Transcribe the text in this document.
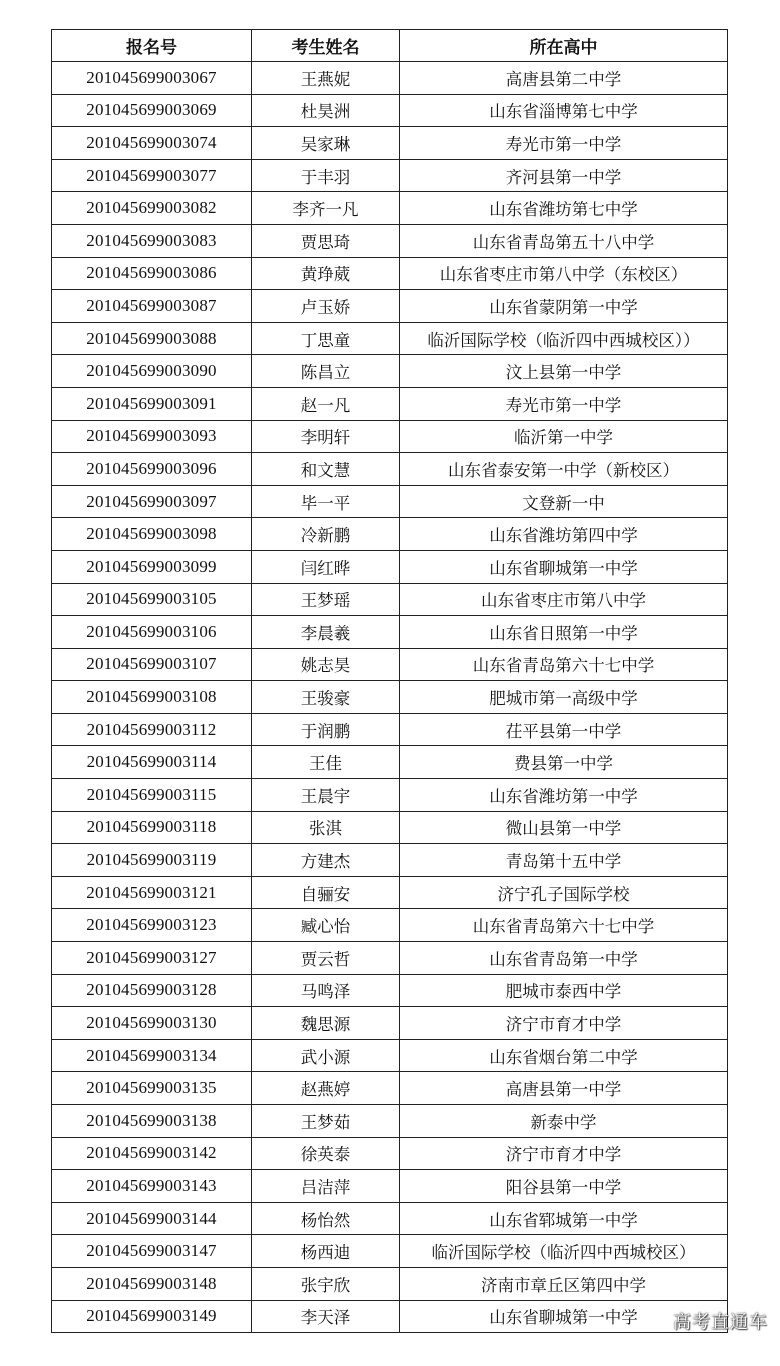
报名号	考生姓名	所在高中
201045699003067	王燕妮	高唐县第二中学
201045699003069	杜昊洲	山东省淄博第七中学
201045699003074	吴家琳	寿光市第一中学
201045699003077	于丰羽	齐河县第一中学
201045699003082	李齐一凡	山东省潍坊第七中学
201045699003083	贾思琦	山东省青岛第五十八中学
201045699003086	黄琤葳	山东省枣庄市第八中学（东校区）
201045699003087	卢玉娇	山东省蒙阴第一中学
201045699003088	丁思童	临沂国际学校（临沂四中西城校区））
201045699003090	陈昌立	汶上县第一中学
201045699003091	赵一凡	寿光市第一中学
201045699003093	李明轩	临沂第一中学
201045699003096	和文慧	山东省泰安第一中学（新校区）
201045699003097	毕一平	文登新一中
201045699003098	冷新鹏	山东省潍坊第四中学
201045699003099	闫红晔	山东省聊城第一中学
201045699003105	王梦瑶	山东省枣庄市第八中学
201045699003106	李晨羲	山东省日照第一中学
201045699003107	姚志昊	山东省青岛第六十七中学
201045699003108	王骏豪	肥城市第一高级中学
201045699003112	于润鹏	茌平县第一中学
201045699003114	王佳	费县第一中学
201045699003115	王晨宇	山东省潍坊第一中学
201045699003118	张淇	微山县第一中学
201045699003119	方建杰	青岛第十五中学
201045699003121	自骊安	济宁孔子国际学校
201045699003123	臧心怡	山东省青岛第六十七中学
201045699003127	贾云哲	山东省青岛第一中学
201045699003128	马鸣泽	肥城市泰西中学
201045699003130	魏思源	济宁市育才中学
201045699003134	武小源	山东省烟台第二中学
201045699003135	赵燕婷	高唐县第一中学
201045699003138	王梦茹	新泰中学
201045699003142	徐英泰	济宁市育才中学
201045699003143	吕洁萍	阳谷县第一中学
201045699003144	杨怡然	山东省郓城第一中学
201045699003147	杨西迪	临沂国际学校（临沂四中西城校区）
201045699003148	张宇欣	济南市章丘区第四中学
201045699003149	李天泽	山东省聊城第一中学 高考直通车
